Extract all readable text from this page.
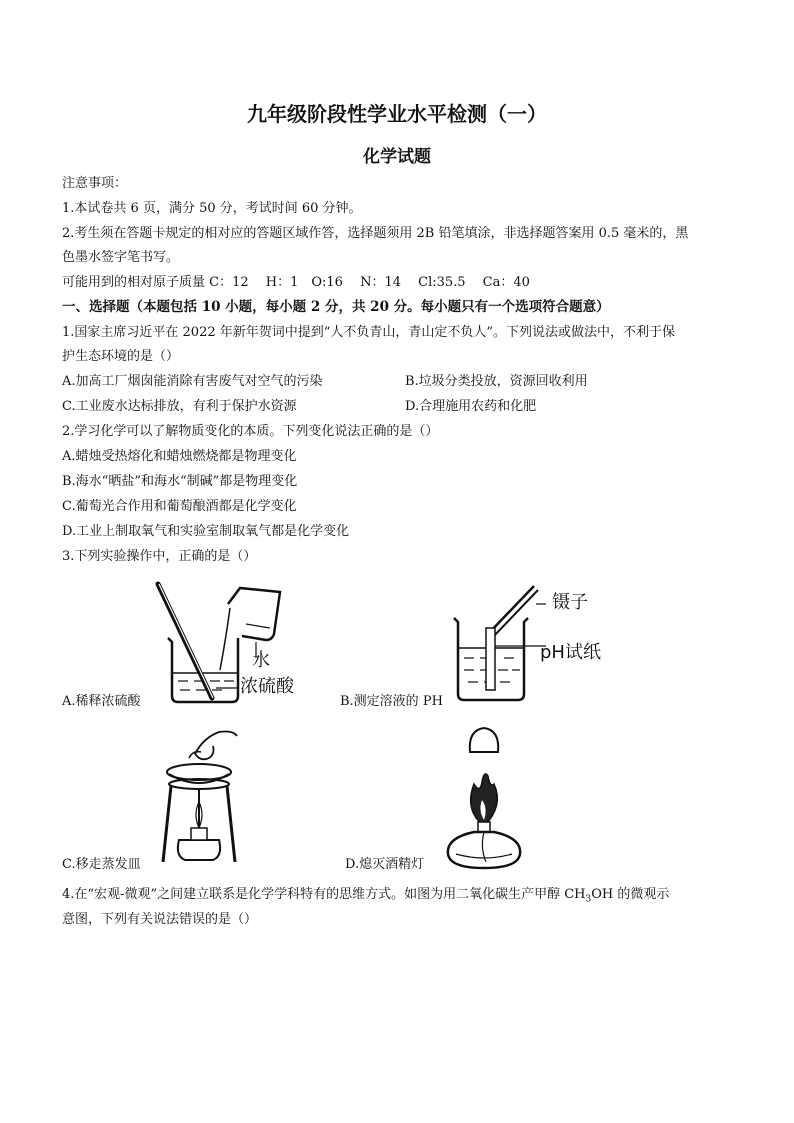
九年级阶段性学业水平检测（一）
化学试题
注意事项：
1.本试卷共 6 页，满分 50 分，考试时间 60 分钟。
2.考生须在答题卡规定的相对应的答题区域作答，选择题须用 2B 铅笔填涂，非选择题答案用 0.5 毫米的，黑
色墨水签字笔书写。
可能用到的相对原子质量 C：12　 H：1　O:16　 N：14　 Cl:35.5　 Ca：40
一、选择题（本题包括 10 小题，每小题 2 分，共 20 分。每小题只有一个选项符合题意）
1.国家主席习近平在 2022 年新年贺词中提到“人不负青山，青山定不负人”。下列说法或做法中，不利于保
护生态环境的是（）
A.加高工厂烟囱能消除有害废气对空气的污染	B.垃圾分类投放，资源回收利用
C.工业废水达标排放，有利于保护水资源	D.合理施用农药和化肥
2.学习化学可以了解物质变化的本质。下列变化说法正确的是（）
A.蜡烛受热熔化和蜡烛燃烧都是物理变化
B.海水“晒盐”和海水“制碱”都是物理变化
C.葡萄光合作用和葡萄酿酒都是化学变化
D.工业上制取氧气和实验室制取氧气都是化学变化
3.下列实验操作中，正确的是（）
水
浓硫酸
A.稀释浓硫酸
镊子
pH试纸
B.测定溶液的 PH
C.移走蒸发皿	D.熄灭酒精灯
4.在“宏观-微观”之间建立联系是化学学科特有的思维方式。如图为用二氧化碳生产甲醇 $CH_3OH$ 的微观示
意图，下列有关说法错误的是（）
